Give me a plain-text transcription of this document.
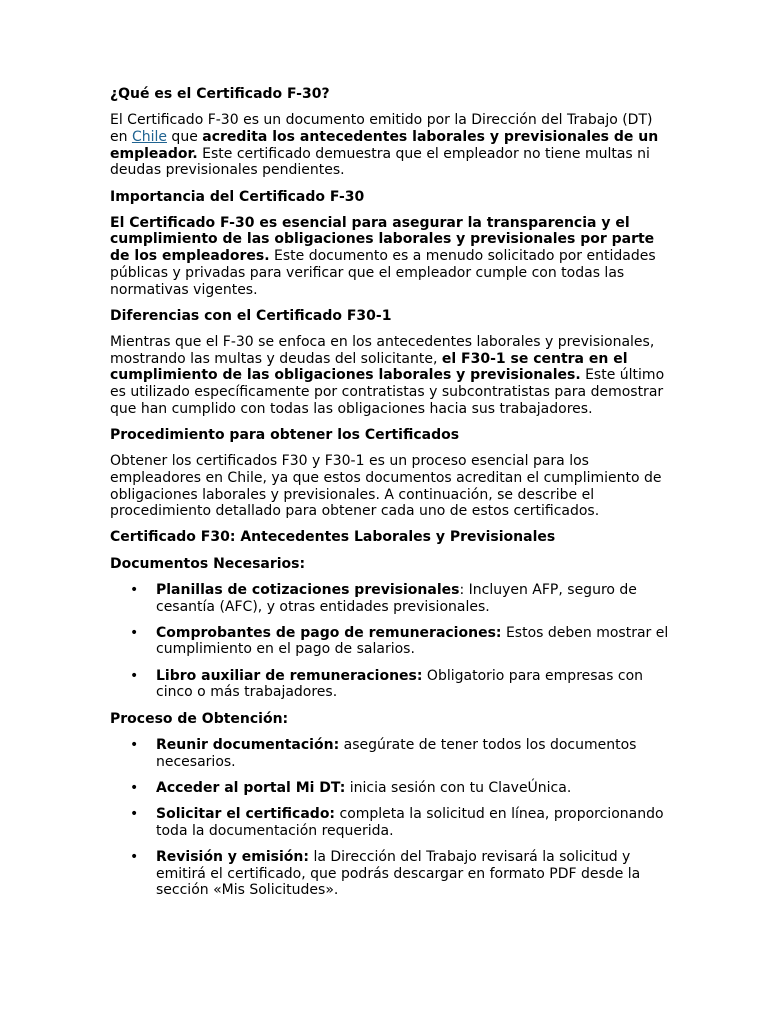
¿Qué es el Certificado F-30?

El Certificado F-30 es un documento emitido por la Dirección del Trabajo (DT) en Chile que acredita los antecedentes laborales y previsionales de un empleador. Este certificado demuestra que el empleador no tiene multas ni deudas previsionales pendientes.

Importancia del Certificado F-30

El Certificado F-30 es esencial para asegurar la transparencia y el cumplimiento de las obligaciones laborales y previsionales por parte de los empleadores. Este documento es a menudo solicitado por entidades públicas y privadas para verificar que el empleador cumple con todas las normativas vigentes.

Diferencias con el Certificado F30-1

Mientras que el F-30 se enfoca en los antecedentes laborales y previsionales, mostrando las multas y deudas del solicitante, el F30-1 se centra en el cumplimiento de las obligaciones laborales y previsionales. Este último es utilizado específicamente por contratistas y subcontratistas para demostrar que han cumplido con todas las obligaciones hacia sus trabajadores.

Procedimiento para obtener los Certificados

Obtener los certificados F30 y F30-1 es un proceso esencial para los empleadores en Chile, ya que estos documentos acreditan el cumplimiento de obligaciones laborales y previsionales. A continuación, se describe el procedimiento detallado para obtener cada uno de estos certificados.

Certificado F30: Antecedentes Laborales y Previsionales
Documentos Necesarios:
• Planillas de cotizaciones previsionales: Incluyen AFP, seguro de cesantía (AFC), y otras entidades previsionales.
• Comprobantes de pago de remuneraciones: Estos deben mostrar el cumplimiento en el pago de salarios.
• Libro auxiliar de remuneraciones: Obligatorio para empresas con cinco o más trabajadores.
Proceso de Obtención:
• Reunir documentación: asegúrate de tener todos los documentos necesarios.
• Acceder al portal Mi DT: inicia sesión con tu ClaveÚnica.
• Solicitar el certificado: completa la solicitud en línea, proporcionando toda la documentación requerida.
• Revisión y emisión: la Dirección del Trabajo revisará la solicitud y emitirá el certificado, que podrás descargar en formato PDF desde la sección «Mis Solicitudes».
